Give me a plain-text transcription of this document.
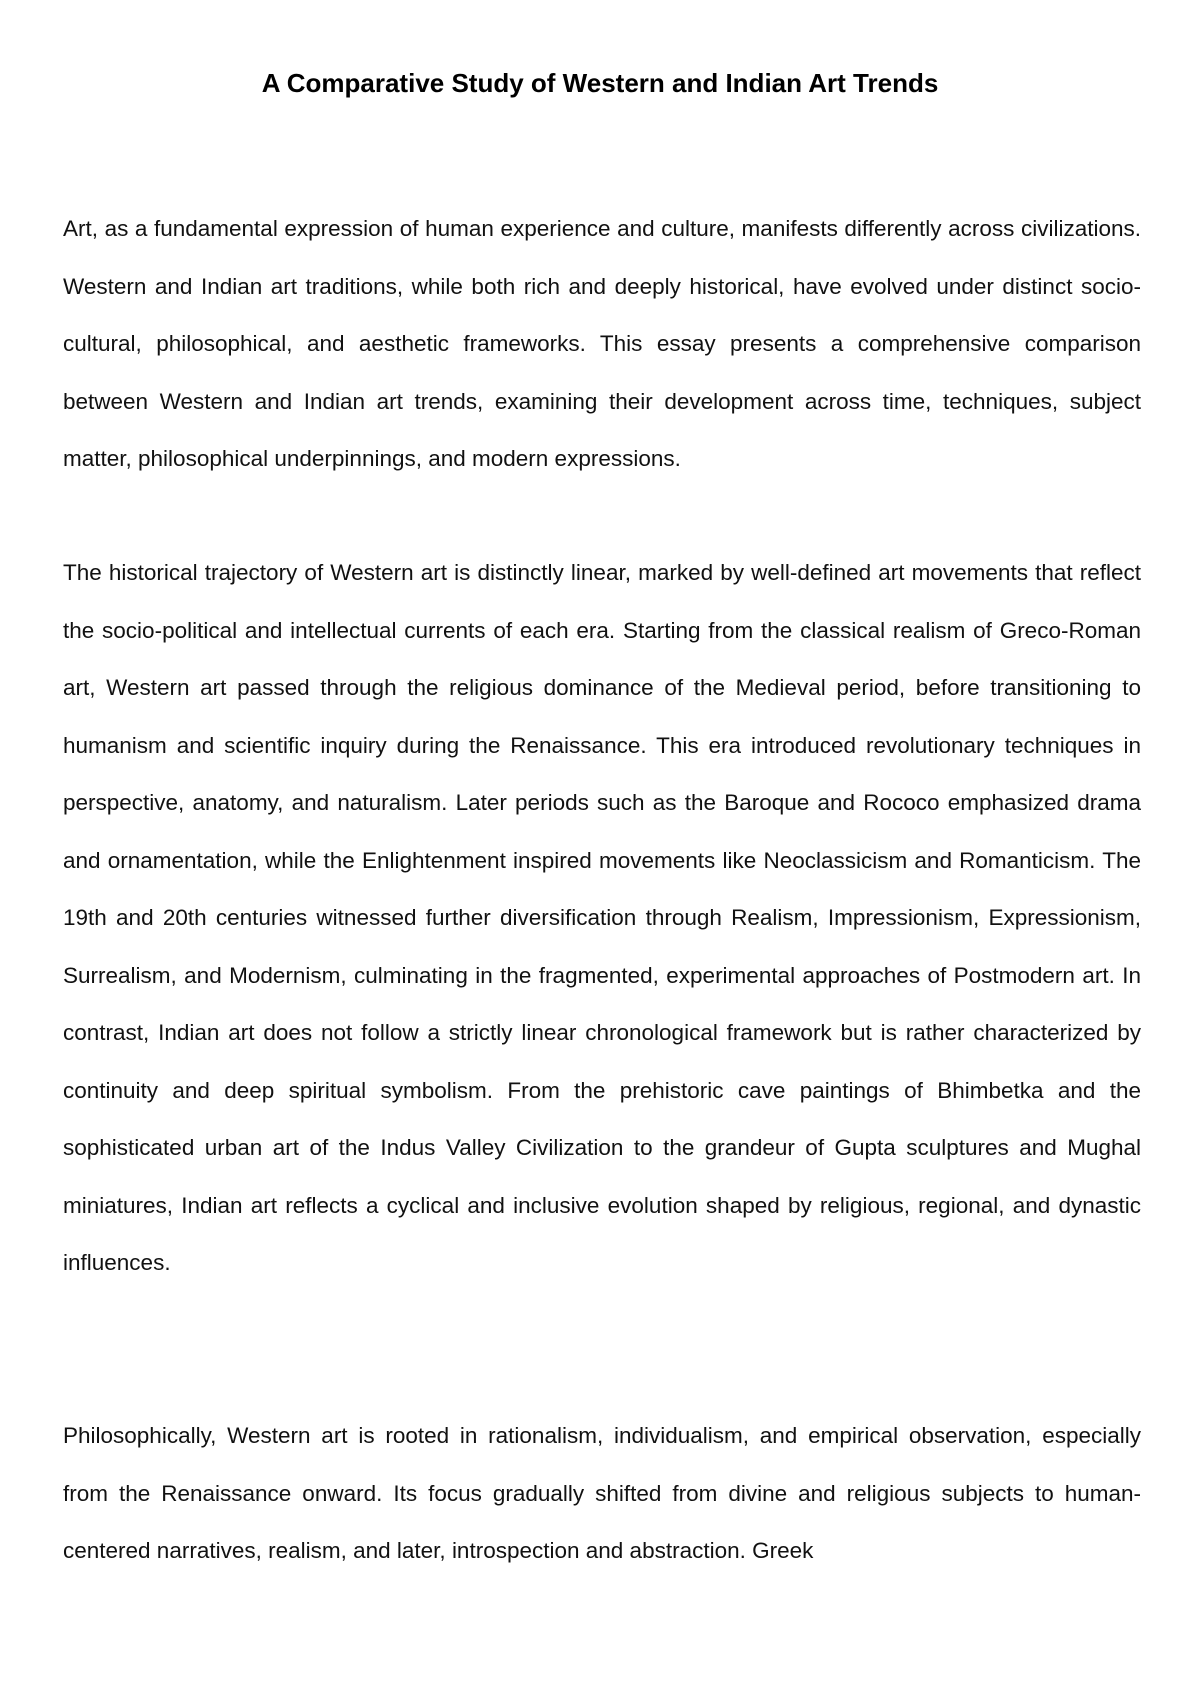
A Comparative Study of Western and Indian Art Trends

Art, as a fundamental expression of human experience and culture, manifests differently across civilizations. Western and Indian art traditions, while both rich and deeply historical, have evolved under distinct socio-cultural, philosophical, and aesthetic frameworks. This essay presents a comprehensive comparison between Western and Indian art trends, examining their development across time, techniques, subject matter, philosophical underpinnings, and modern expressions.

The historical trajectory of Western art is distinctly linear, marked by well-defined art movements that reflect the socio-political and intellectual currents of each era. Starting from the classical realism of Greco-Roman art, Western art passed through the religious dominance of the Medieval period, before transitioning to humanism and scientific inquiry during the Renaissance. This era introduced revolutionary techniques in perspective, anatomy, and naturalism. Later periods such as the Baroque and Rococo emphasized drama and ornamentation, while the Enlightenment inspired movements like Neoclassicism and Romanticism. The 19th and 20th centuries witnessed further diversification through Realism, Impressionism, Expressionism, Surrealism, and Modernism, culminating in the fragmented, experimental approaches of Postmodern art. In contrast, Indian art does not follow a strictly linear chronological framework but is rather characterized by continuity and deep spiritual symbolism. From the prehistoric cave paintings of Bhimbetka and the sophisticated urban art of the Indus Valley Civilization to the grandeur of Gupta sculptures and Mughal miniatures, Indian art reflects a cyclical and inclusive evolution shaped by religious, regional, and dynastic influences.

Philosophically, Western art is rooted in rationalism, individualism, and empirical observation, especially from the Renaissance onward. Its focus gradually shifted from divine and religious subjects to human-centered narratives, realism, and later, introspection and abstraction. Greek
